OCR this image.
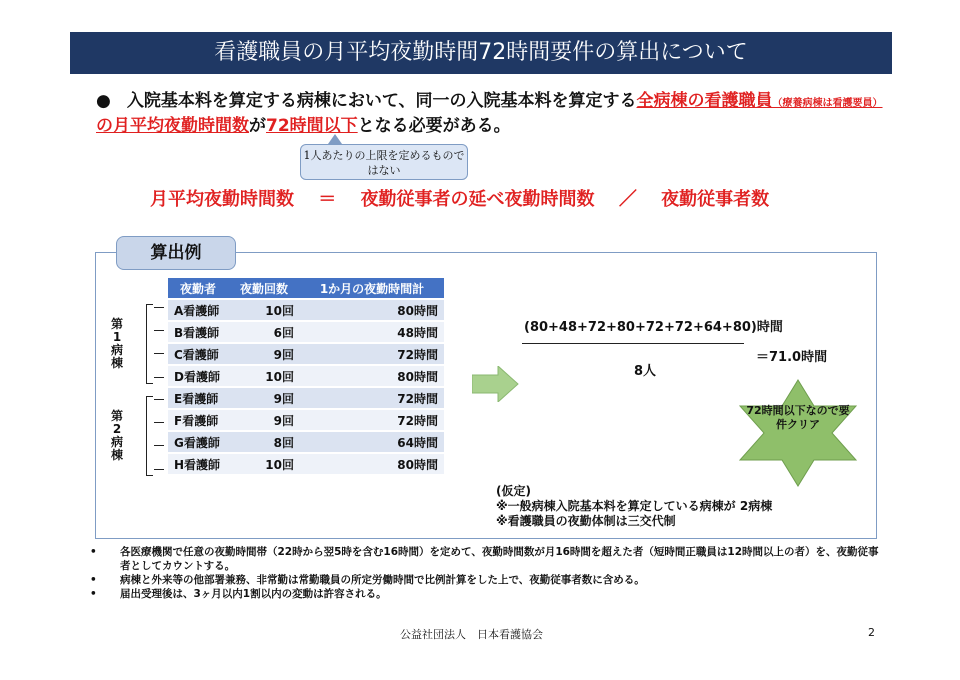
看護職員の月平均夜勤時間72時間要件の算出について
● 入院基本料を算定する病棟において、同一の入院基本料を算定する全病棟の看護職員（療養病棟は看護要員）の月平均夜勤時間数が72時間以下となる必要がある。
1人あたりの上限を定めるものではない
月平均夜勤時間数 ＝ 夜勤従事者の延べ夜勤時間数 ／ 夜勤従事者数
算出例
夜勤者	夜勤回数	1か月の夜勤時間計
A看護師	10回	80時間
B看護師	6回	48時間
C看護師	9回	72時間
D看護師	10回	80時間
E看護師	9回	72時間
F看護師	9回	72時間
G看護師	8回	64時間
H看護師	10回	80時間
第1病棟
第2病棟
(80+48+72+80+72+72+64+80)時間
8人
＝71.0時間
72時間以下なので要件クリア
(仮定)
※一般病棟入院基本料を算定している病棟が 2病棟
※看護職員の夜勤体制は三交代制
• 各医療機関で任意の夜勤時間帯（22時から翌5時を含む16時間）を定めて、夜勤時間数が月16時間を超えた者（短時間正職員は12時間以上の者）を、夜勤従事者としてカウントする。
• 病棟と外来等の他部署兼務、非常勤は常勤職員の所定労働時間で比例計算をした上で、夜勤従事者数に含める。
• 届出受理後は、3ヶ月以内1割以内の変動は許容される。
公益社団法人　日本看護協会	2
